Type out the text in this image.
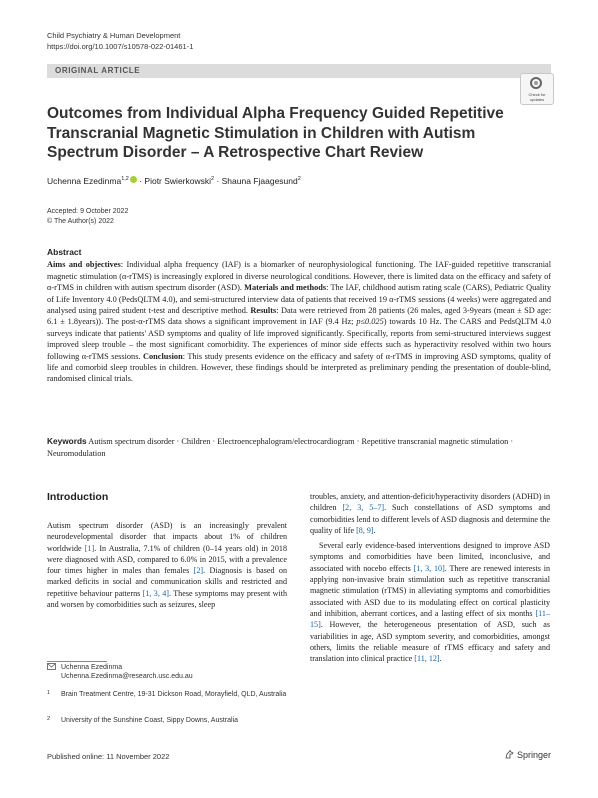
Child Psychiatry & Human Development
https://doi.org/10.1007/s10578-022-01461-1
ORIGINAL ARTICLE
Check for updates
Outcomes from Individual Alpha Frequency Guided Repetitive Transcranial Magnetic Stimulation in Children with Autism Spectrum Disorder – A Retrospective Chart Review
Uchenna Ezedinma$^{1,2}$ · Piotr Swierkowski$^2$ · Shauna Fjaagesund$^2$
Accepted: 9 October 2022
© The Author(s) 2022
Abstract

Aims and objectives: Individual alpha frequency (IAF) is a biomarker of neurophysiological functioning. The IAF-guided repetitive transcranial magnetic stimulation (α-rTMS) is increasingly explored in diverse neurological conditions. However, there is limited data on the efficacy and safety of α-rTMS in children with autism spectrum disorder (ASD). Materials and methods: The IAF, childhood autism rating scale (CARS), Pediatric Quality of Life Inventory 4.0 (PedsQLTM 4.0), and semi-structured interview data of patients that received 19 α-rTMS sessions (4 weeks) were aggregated and analysed using paired student t-test and descriptive method. Results: Data were retrieved from 28 patients (26 males, aged 3-9years (mean ± SD age: 6.1 ± 1.8years)). The post-α-rTMS data shows a significant improvement in IAF (9.4 Hz; p≤0.025) towards 10 Hz. The CARS and PedsQLTM 4.0 surveys indicate that patients' ASD symptoms and quality of life improved significantly. Specifically, reports from semi-structured interviews suggest improved sleep trouble – the most significant comorbidity. The experiences of minor side effects such as hyperactivity resolved within two hours following α-rTMS sessions. Conclusion: This study presents evidence on the efficacy and safety of α-rTMS in improving ASD symptoms, quality of life and comorbid sleep troubles in children. However, these findings should be interpreted as preliminary pending the presentation of double-blind, randomised clinical trials.

Keywords Autism spectrum disorder · Children · Electroencephalogram/electrocardiogram · Repetitive transcranial magnetic stimulation · Neuromodulation
Introduction

Autism spectrum disorder (ASD) is an increasingly prevalent neurodevelopmental disorder that impacts about 1% of children worldwide [1]. In Australia, 7.1% of children (0–14 years old) in 2018 were diagnosed with ASD, compared to 6.0% in 2015, with a prevalence four times higher in males than females [2]. Diagnosis is based on marked deficits in social and communication skills and restricted and repetitive behaviour patterns [1, 3, 4]. These symptoms may present with and worsen by comorbidities such as seizures, sleep

troubles, anxiety, and attention-deficit/hyperactivity disorders (ADHD) in children [2, 3, 5–7]. Such constellations of ASD symptoms and comorbidities lend to different levels of ASD diagnosis and determine the quality of life [8, 9].

Several early evidence-based interventions designed to improve ASD symptoms and comorbidities have been limited, inconclusive, and associated with nocebo effects [1, 3, 10]. There are renewed interests in applying non-invasive brain stimulation such as repetitive transcranial magnetic stimulation (rTMS) in alleviating symptoms and comorbidities associated with ASD due to its modulating effect on cortical plasticity and inhibition, aberrant cortices, and a lasting effect of six months [11–15]. However, the heterogeneous presentation of ASD, such as variabilities in age, ASD symptom severity, and comorbidities, amongst others, limits the reliable measure of rTMS efficacy and safety and translation into clinical practice [11, 12].

Uchenna Ezedinma
Uchenna.Ezedinma@research.usc.edu.au
1 Brain Treatment Centre, 19-31 Dickson Road, Morayfield, QLD, Australia
2 University of the Sunshine Coast, Sippy Downs, Australia
Published online: 11 November 2022	Springer
